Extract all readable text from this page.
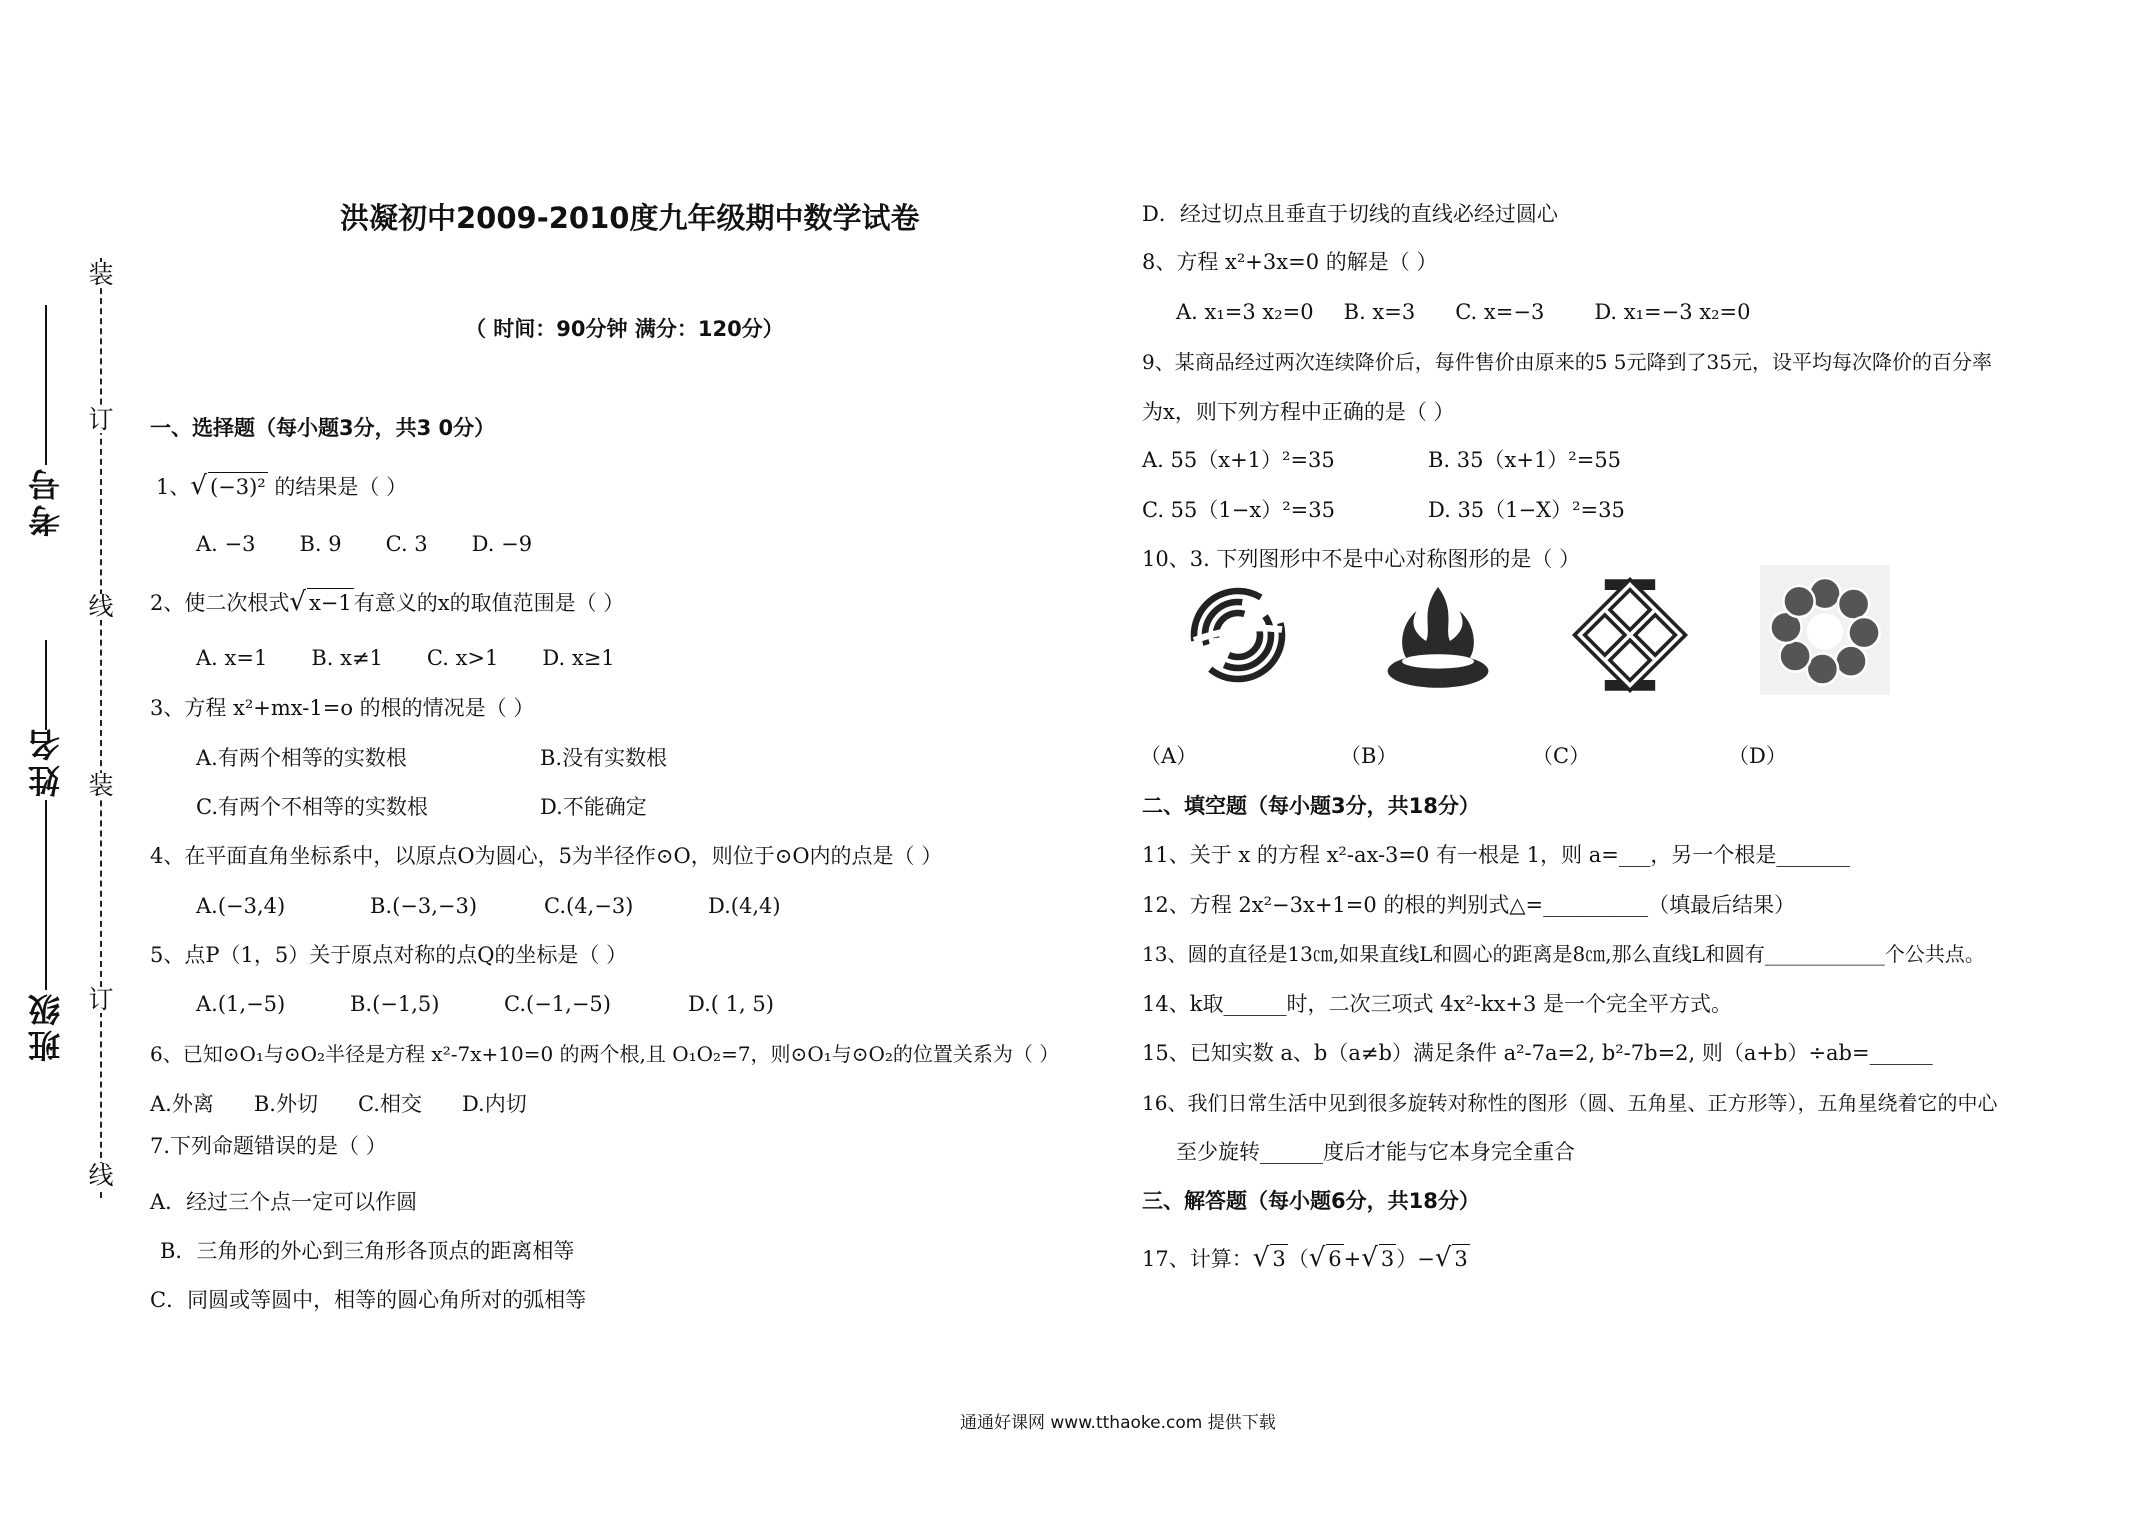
装
订
线
装
订
线
考号
姓名
班级
洪凝初中2009-2010度九年级期中数学试卷
（ 时间：90分钟 满分：120分）
一、选择题（每小题3分，共3 0分）
1、√ (−3)² 的结果是（ ）
A. −3 B. 9 C. 3 D. −9
2、使二次根式√ x−1有意义的x的取值范围是（ ）
A. x=1 B. x≠1 C. x>1 D. x≥1
3、方程 x²+mx-1=o 的根的情况是（ ）
A.有两个相等的实数根	B.没有实数根
C.有两个不相等的实数根	D.不能确定
4、在平面直角坐标系中，以原点O为圆心，5为半径作⊙O，则位于⊙O内的点是（ ）
A.(−3,4)	B.(−3,−3)	C.(4,−3)	D.(4,4)
5、点P（1，5）关于原点对称的点Q的坐标是（ ）
A.(1,−5)	B.(−1,5)	C.(−1,−5)	D.( 1, 5)
6、已知⊙O₁与⊙O₂半径是方程 x²-7x+10=0 的两个根,且 O₁O₂=7，则⊙O₁与⊙O₂的位置关系为（ ）
A.外离 B.外切 C.相交 D.内切
7.下列命题错误的是（ ）
A．经过三个点一定可以作圆
B．三角形的外心到三角形各顶点的距离相等
C．同圆或等圆中，相等的圆心角所对的弧相等
D．经过切点且垂直于切线的直线必经过圆心
8、方程 x²+3x=0 的解是（ ）
A. x₁=3 x₂=0 B. x=3 C. x=−3 D. x₁=−3 x₂=0
9、某商品经过两次连续降价后，每件售价由原来的5 5元降到了35元，设平均每次降价的百分率
为x，则下列方程中正确的是（ ）
A. 55（x+1）²=35	B. 35（x+1）²=55
C. 55（1−x）²=35	D. 35（1−X）²=35
10、3. 下列图形中不是中心对称图形的是（ ）
（A）	（B）	（C）	（D）
二、填空题（每小题3分，共18分）
11、关于 x 的方程 x²-ax-3=0 有一根是 1，则 a=___，另一个根是_______
12、方程 2x²−3x+1=0 的根的判别式△=__________（填最后结果）
13、圆的直径是13㎝,如果直线L和圆心的距离是8㎝,那么直线L和圆有____________个公共点。
14、k取______时，二次三项式 4x²-kx+3 是一个完全平方式。
15、已知实数 a、b（a≠b）满足条件 a²-7a=2, b²-7b=2, 则（a+b）÷ab=______
16、我们日常生活中见到很多旋转对称性的图形（圆、五角星、正方形等），五角星绕着它的中心
至少旋转______度后才能与它本身完全重合
三、解答题（每小题6分，共18分）
17、计算：√ 3（√ 6+√ 3）−√ 3
通通好课网 www.tthaoke.com 提供下载
